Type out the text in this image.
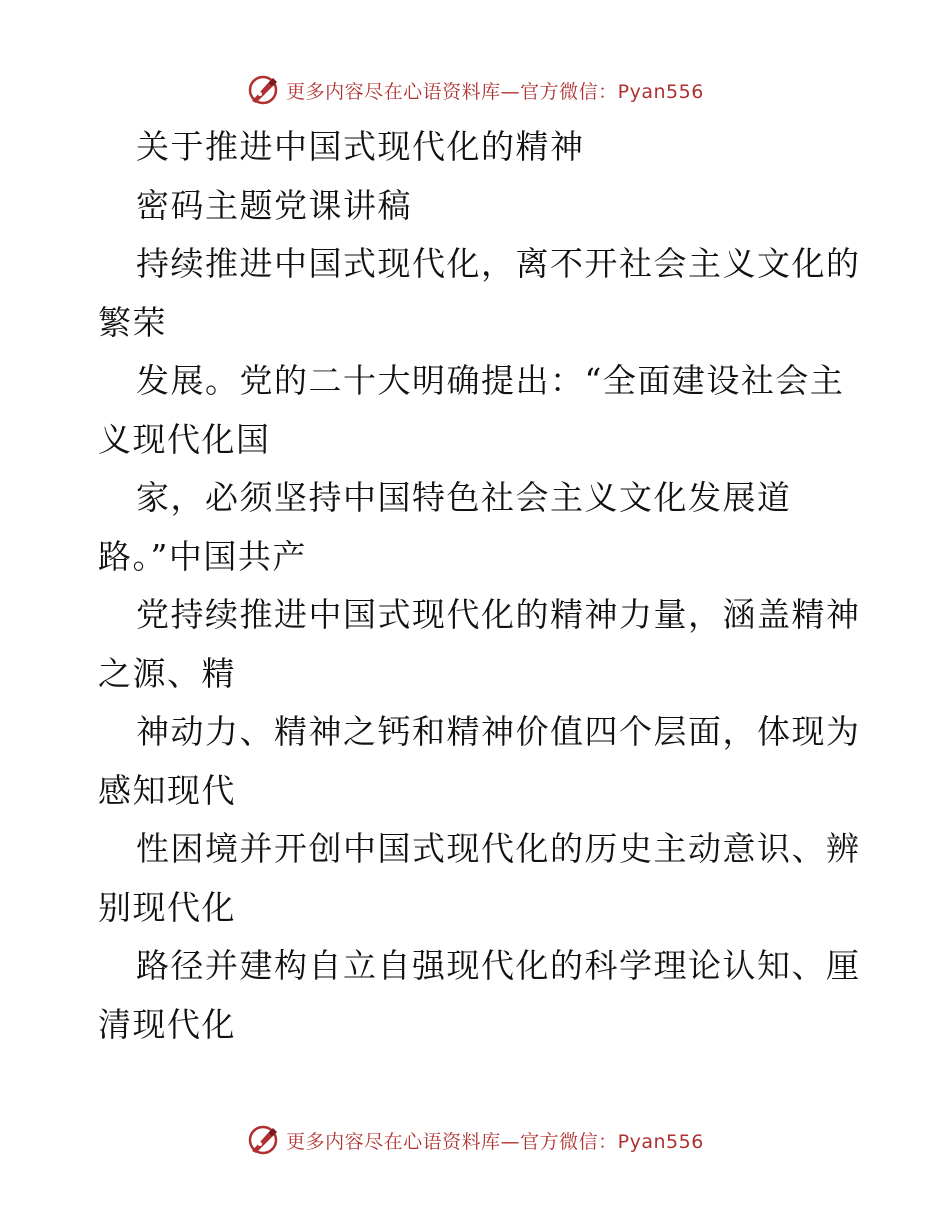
更多内容尽在心语资料库—官方微信：Pyan556
关于推进中国式现代化的精神
密码主题党课讲稿
持续推进中国式现代化，离不开社会主义文化的
繁荣
发展。党的二十大明确提出：“全面建设社会主
义现代化国
家，必须坚持中国特色社会主义文化发展道
路。”中国共产
党持续推进中国式现代化的精神力量，涵盖精神
之源、精
神动力、精神之钙和精神价值四个层面，体现为
感知现代
性困境并开创中国式现代化的历史主动意识、辨
别现代化
路径并建构自立自强现代化的科学理论认知、厘
清现代化
更多内容尽在心语资料库—官方微信：Pyan556
